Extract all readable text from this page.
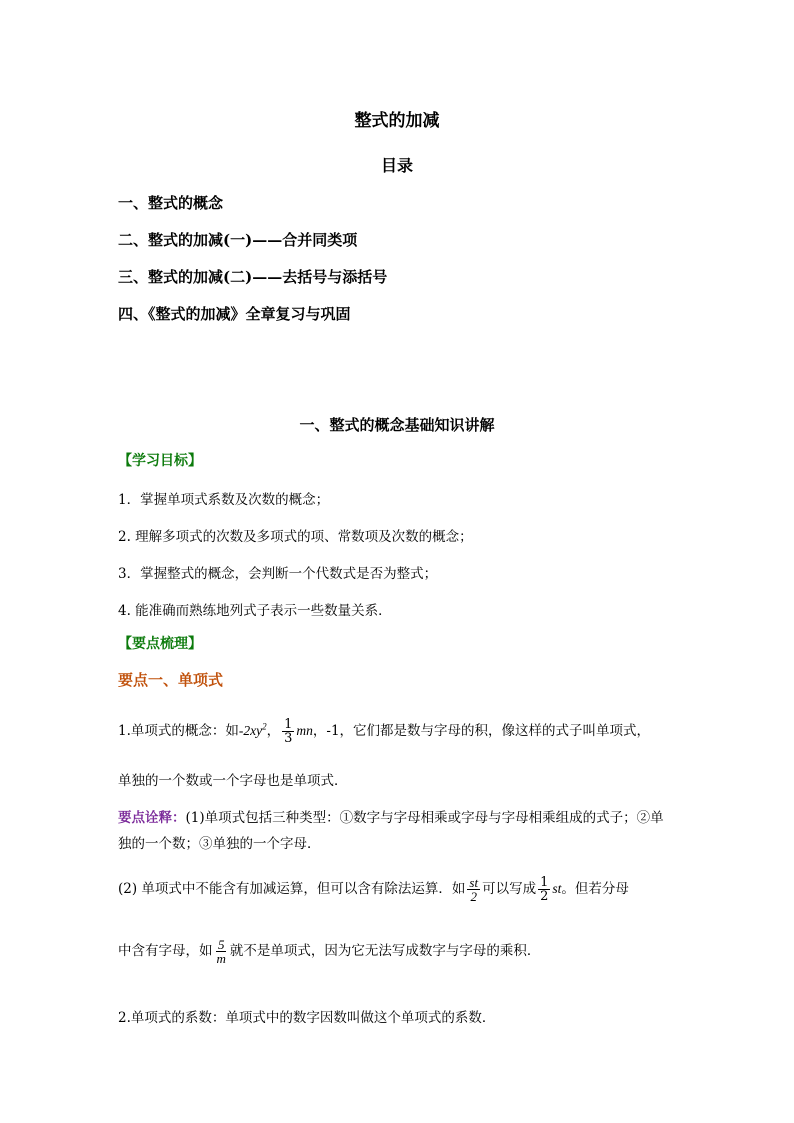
整式的加减
目录
一、整式的概念
二、整式的加减(一)——合并同类项
三、整式的加减(二)——去括号与添括号
四、《整式的加减》全章复习与巩固
一、整式的概念基础知识讲解
【学习目标】
1．掌握单项式系数及次数的概念；
2. 理解多项式的次数及多项式的项、常数项及次数的概念；
3．掌握整式的概念，会判断一个代数式是否为整式；
4. 能准确而熟练地列式子表示一些数量关系．
【要点梳理】
要点一、单项式
1.单项式的概念：如$-2xy^2$， $\frac{1}{3}$ mn，-1，它们都是数与字母的积，像这样的式子叫单项式，
单独的一个数或一个字母也是单项式．
要点诠释：(1)单项式包括三种类型：①数字与字母相乘或字母与字母相乘组成的式子；②单
独的一个数；③单独的一个字母．
(2) 单项式中不能含有加减运算，但可以含有除法运算．如 $\frac{st}{2}$ 可以写成 $\frac{1}{2}$ st。但若分母
中含有字母，如 $\frac{5}{m}$ 就不是单项式，因为它无法写成数字与字母的乘积．
2.单项式的系数：单项式中的数字因数叫做这个单项式的系数．
